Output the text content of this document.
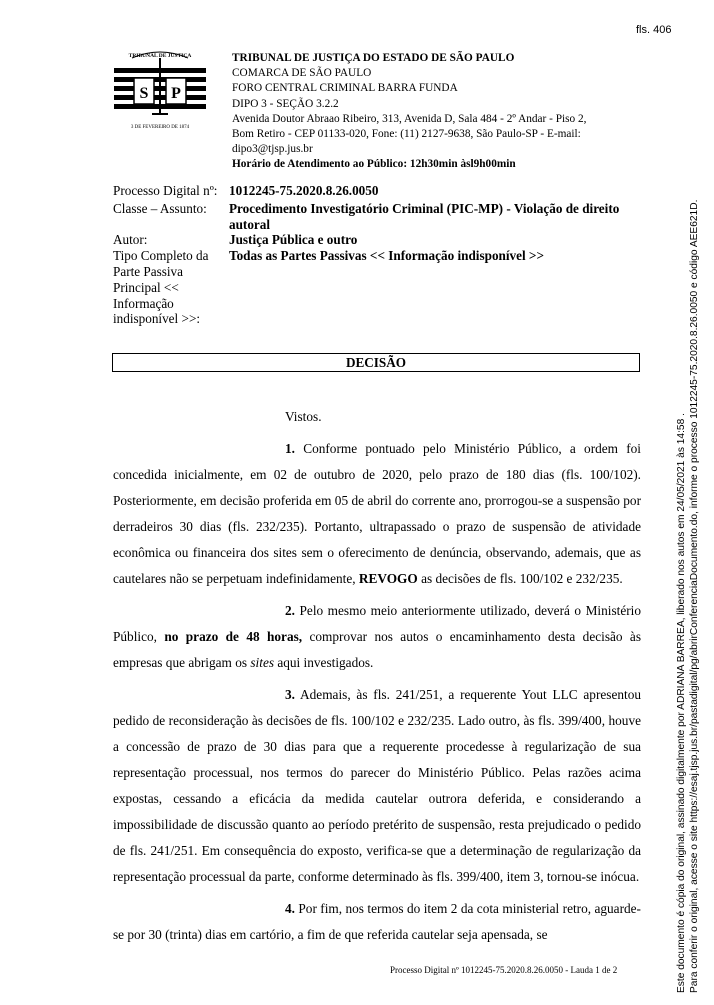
fls. 406
TRIBUNAL DE JUSTIÇA
S P
3 DE FEVEREIRO DE 1874
TRIBUNAL DE JUSTIÇA DO ESTADO DE SÃO PAULO
COMARCA DE SÃO PAULO
FORO CENTRAL CRIMINAL BARRA FUNDA
DIPO 3 - SEÇÃO 3.2.2
Avenida Doutor Abraao Ribeiro, 313, Avenida D, Sala 484 - 2º Andar - Piso 2,
Bom Retiro - CEP 01133-020, Fone: (11) 2127-9638, São Paulo-SP - E-mail:
dipo3@tjsp.jus.br
Horário de Atendimento ao Público: 12h30min àsl9h00min
Processo Digital nº: 1012245-75.2020.8.26.0050
Classe – Assunto:	Procedimento Investigatório Criminal (PIC-MP) - Violação de direito autoral
Autor:	Justiça Pública e outro
Tipo Completo da Parte Passiva Principal << Informação indisponível >>:
Todas as Partes Passivas << Informação indisponível >>
DECISÃO

Vistos.

1. Conforme pontuado pelo Ministério Público, a ordem foi concedida inicialmente, em 02 de outubro de 2020, pelo prazo de 180 dias (fls. 100/102). Posteriormente, em decisão proferida em 05 de abril do corrente ano, prorrogou-se a suspensão por derradeiros 30 dias (fls. 232/235). Portanto, ultrapassado o prazo de suspensão de atividade econômica ou financeira dos sites sem o oferecimento de denúncia, observando, ademais, que as cautelares não se perpetuam indefinidamente, REVOGO as decisões de fls. 100/102 e 232/235.

2. Pelo mesmo meio anteriormente utilizado, deverá o Ministério Público, no prazo de 48 horas, comprovar nos autos o encaminhamento desta decisão às empresas que abrigam os sites aqui investigados.

3. Ademais, às fls. 241/251, a requerente Yout LLC apresentou pedido de reconsideração às decisões de fls. 100/102 e 232/235. Lado outro, às fls. 399/400, houve a concessão de prazo de 30 dias para que a requerente procedesse à regularização de sua representação processual, nos termos do parecer do Ministério Público. Pelas razões acima expostas, cessando a eficácia da medida cautelar outrora deferida, e considerando a impossibilidade de discussão quanto ao período pretérito de suspensão, resta prejudicado o pedido de fls. 241/251. Em consequência do exposto, verifica-se que a determinação de regularização da representação processual da parte, conforme determinado às fls. 399/400, item 3, tornou-se inócua.

4. Por fim, nos termos do item 2 da cota ministerial retro, aguarde-se por 30 (trinta) dias em cartório, a fim de que referida cautelar seja apensada, se

Processo Digital nº 1012245-75.2020.8.26.0050 - Lauda 1 de 2	Este documento é cópia do original, assinado digitalmente por ADRIANA BARREA, liberado nos autos em 24/05/2021 às 14:58 . Para conferir o original, acesse o site https://esaj.tjsp.jus.br/pastadigital/pg/abrirConferenciaDocumento.do, informe o processo 1012245-75.2020.8.26.0050 e código AEE621D.
